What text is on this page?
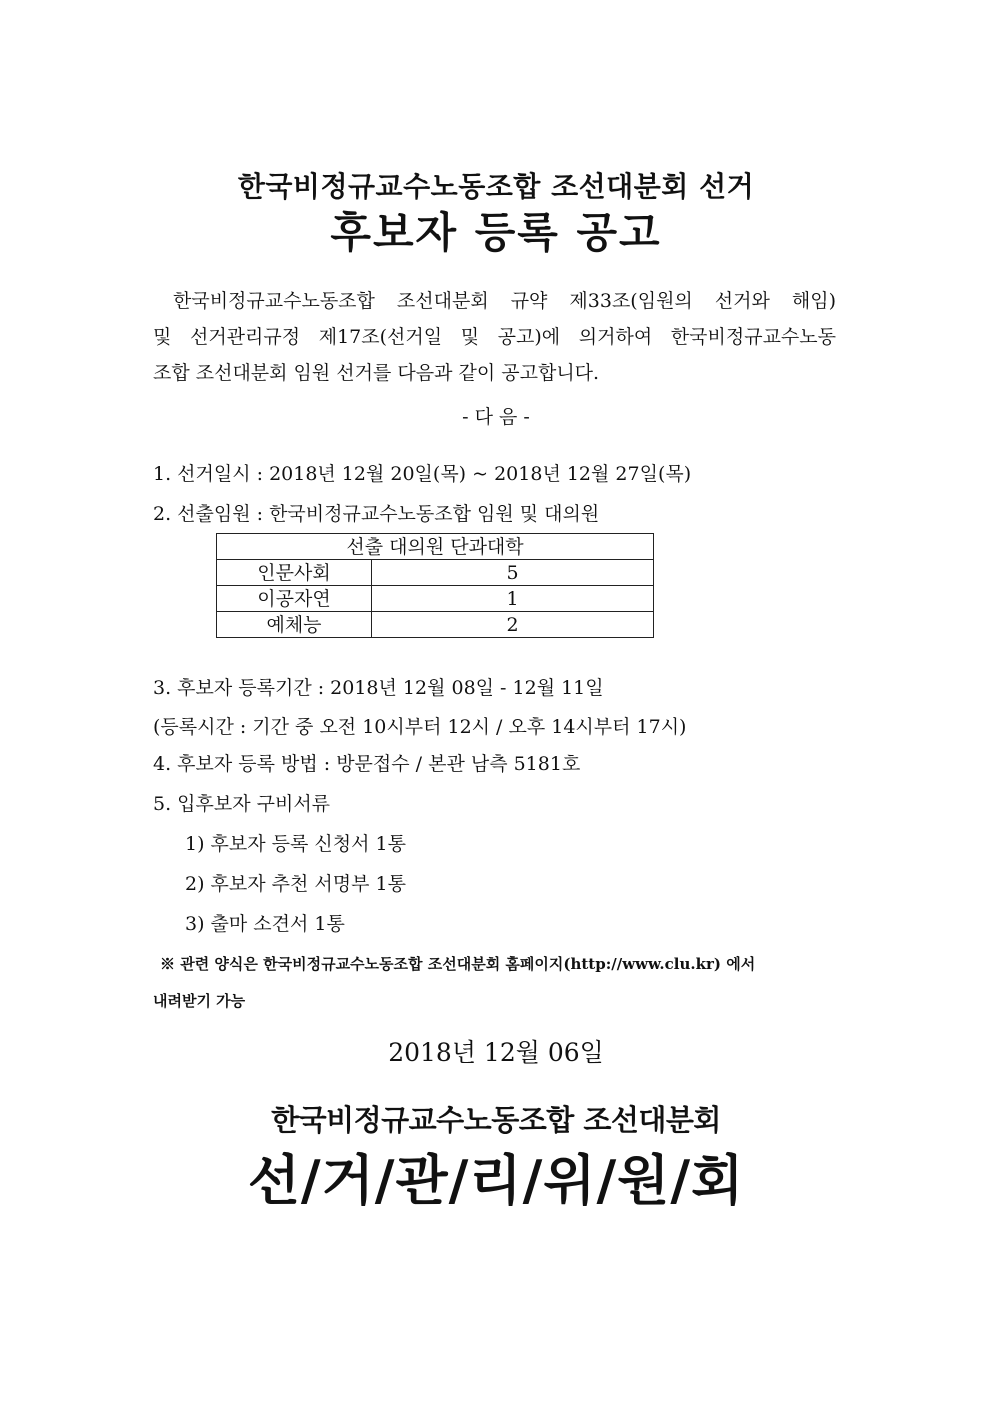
한국비정규교수노동조합 조선대분회 선거
후보자 등록 공고
한국비정규교수노동조합 조선대분회 규약 제33조(임원의 선거와 해임)
및 선거관리규정 제17조(선거일 및 공고)에 의거하여 한국비정규교수노동
조합 조선대분회 임원 선거를 다음과 같이 공고합니다.
- 다 음 -
1. 선거일시 : 2018년 12월 20일(목) ~ 2018년 12월 27일(목)
2. 선출임원 : 한국비정규교수노동조합 임원 및 대의원
선출 대의원 단과대학	
인문사회	5
이공자연	1
예체능	2
3. 후보자 등록기간 : 2018년 12월 08일 - 12월 11일
(등록시간 : 기간 중 오전 10시부터 12시 / 오후 14시부터 17시)
4. 후보자 등록 방법 : 방문접수 / 본관 남측 5181호
5. 입후보자 구비서류
1) 후보자 등록 신청서 1통
2) 후보자 추천 서명부 1통
3) 출마 소견서 1통
※ 관련 양식은 한국비정규교수노동조합 조선대분회 홈페이지(http://www.clu.kr) 에서
내려받기 가능
2018년 12월 06일
한국비정규교수노동조합 조선대분회
선/거/관/리/위/원/회
